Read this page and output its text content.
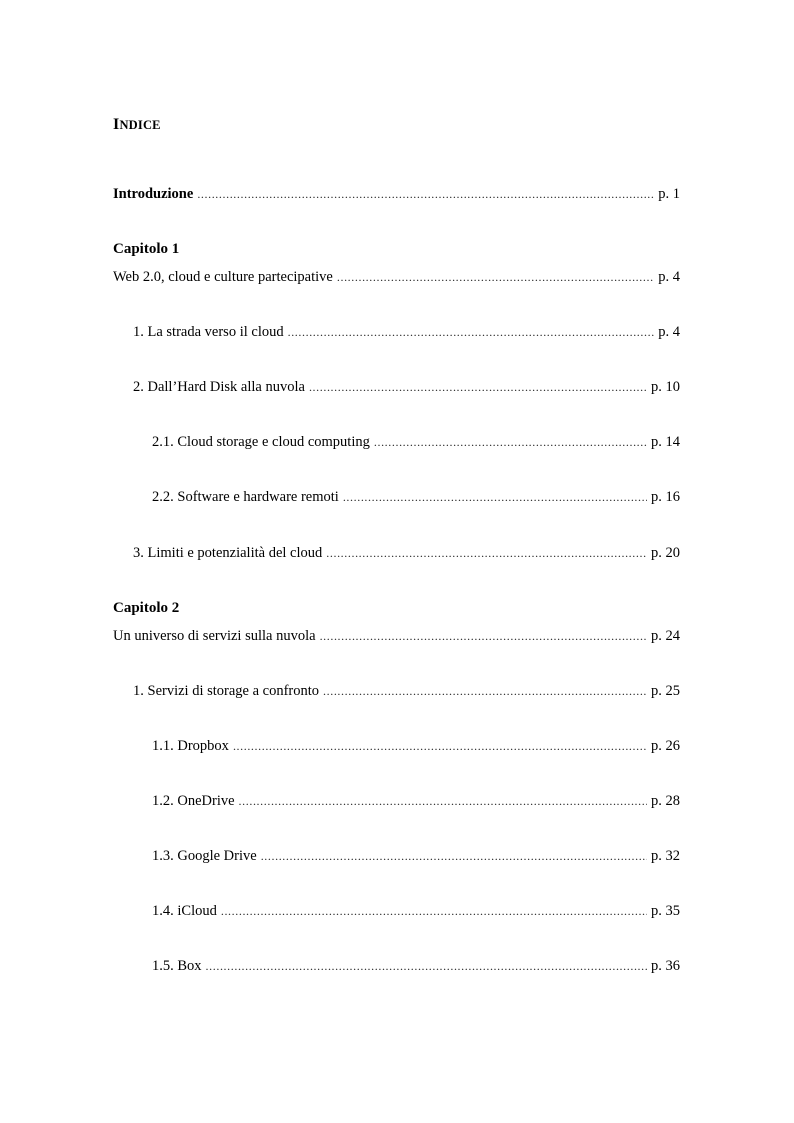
INDICE
Introduzione .....	p. 1
Capitolo 1
Web 2.0, cloud e culture partecipative .....	p. 4
1. La strada verso il cloud .....	p. 4
2. Dall’Hard Disk alla nuvola .....	p. 10
2.1. Cloud storage e cloud computing .....	p. 14
2.2. Software e hardware remoti .....	p. 16
3. Limiti e potenzialità del cloud .....	p. 20
Capitolo 2
Un universo di servizi sulla nuvola .....	p. 24
1. Servizi di storage a confronto .....	p. 25
1.1. Dropbox .....	p. 26
1.2. OneDrive .....	p. 28
1.3. Google Drive .....	p. 32
1.4. iCloud .....	p. 35
1.5. Box .....	p. 36
